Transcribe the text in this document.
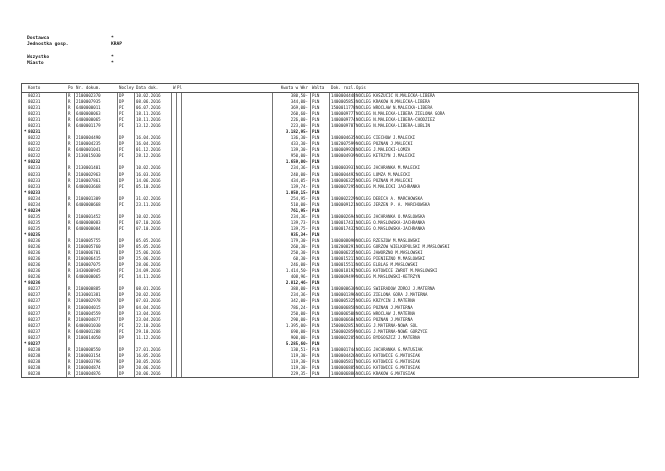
Dostawca	*
Jednostka gosp.	KRAP
Wszystko	*
Miasto	*
Konto	Po Nr. dokum.	Nocley Data dok.	W Pl	Kwota w Wkr Walta Dok. rozl. Opis
80231	R 2100002370	DP	10.02.2016	380,50- PLN	1400004448 NOCLEG KASZUCIC N.MALECKA-LIBERA
80231	R 2100007935	DP	08.06.2016	344,00- PLN	1400005853 NOCLEG KRAKOW N.MALECKA-LIBERA
80231	R 6400000011	PI	06.07.2016	369,00- PLN	1500011778 NOCLEG WROCLAW N.MALECKA-LIBERA
80231	R 6400000063	PI	18.11.2016	260,60- PLN	1400009777 NOCLEG N.MALECKA-LIBERA ZIELONA GORA
80231	R 6400000065	PI	18.11.2016	226,00- PLN	1400009774 NOCLEG N.MALECKA-LIBERA-CHODZIEZ
80231	R 6400001179	PI	13.12.2016	223,00- PLN	1400009787 NOCLEG N.MALECKA-LIBERA-LUBLIN
* 80231	3.182,95- PLN
80232	R 2100004490	DP	16.04.2016	136,30- PLN	1400004635 NOCLEG CIECHOW J.MALECKI
80232	R 2100004235	DP	16.04.2016	433,30- PLN	1402007599 NOCLEG POZNAN J.MALECKI
80232	R 6400001041	PI	01.12.2016	139,30- PLN	1400009928 NOCLEG J.MALECKI-LOMZA
80232	R 2130015030	PI	28.12.2016	950,00- PLN	1400004939 NOCLEG KETRZYN J.MALECKI
* 80232	1.659,00- PLN
80233	R 2130001401	DP	10.02.2016	234,36- PLN	1400003931 NOCLEG JACHRANKA M.MALECKI
80233	R 2100002963	DP	16.03.2016	240,00- PLN	1400004492 NOCLEG LOMZA M.MALECKI
80233	R 2100007861	DP	14.06.2016	434,05- PLN	1400006325 NOCLEG POZNAN M.MALECKI
80233	R 6400003668	PI	05.10.2016	139,74- PLN	1400007295 NOCLEG M.MALECKI JACHRANKA
* 80233	1.050,15- PLN
80234	R 2100001309	DP	31.02.2016	254,95- PLN	1400002229 NOCLEG DEBICA A. MARCHOWSKA
80234	R 6400000668	PI	23.11.2016	510,00- PLN	1400009121 NOCLEG JERZEN P. A. MARCHOWSKA
* 80234	761,95- PLN
80235	R 2100001452	DP	10.02.2016	234,36- PLN	1400002694 NOCLEG JACHRANKA O.MASLOWSKA
80235	R 6400000083	PI	07.10.2016	139,73- PLN	1400017431 NOCLEG O.MASLOWSKA-JACHRANKA
80235	R 6400000084	PI	07.10.2016	139,75- PLN	1400017432 NOCLEG O.MASLOWSKA-JACHRANKA
* 80235	935,34- PLN
80236	R 2100005755	DP	05.05.2016	179,30- PLN	1400008090 NOCLEG RZESZOW M.MASLOWSKI
80236	R 2100005760	DP	05.05.2016	260,30- PLN	1402008291 NOCLEG GORZOW WIELKOPOLSKI M.MASLOWSKI
80236	R 2100006701	DP	25.06.2016	250,30- PLN	1400006235 NOCLEG JAWORZNO M.MASLOWSKI
80236	R 2100006415	DP	25.06.2016	60,30- PLN	1400015211 NOCLEG PIENIEZNO M.MASLOWSKI
80236	R 2100007075	DP	28.06.2016	246,00- PLN	1400015513 NOCLEG ELBLAG M.MASLOWSKI
80236	R 3430000945	PI	24.09.2016	1.414,50- PLN	1400018192 NOCLEG KATOWICE ZWROT M.MASLOWSKI
80236	R 6400000065	PI	14.11.2016	408,96- PLN	1400009499 NOCLEG M.MASLOWSKI-KETRZYN
* 80236	2.812,46- PLN
80237	R 2100000885	DP	08.01.2016	388,00- PLN	1400000630 NOCLEG SWIERADOW ZDROJ J.MATERNA
80237	R 2130001381	DP	20.02.2016	234,36- PLN	1400001396 NOCLEG ZIELONA GORA J.MATERNA
80237	R 2100002978	DP	07.03.2016	342,00- PLN	1400005325 NOCLEG KRZYCIN J.MATERNA
80237	R 2100004015	DP	04.04.2016	786,24- PLN	1400006858 NOCLEG POZNAN J.MATERNA
80237	R 2100004559	DP	13.04.2016	250,00- PLN	1400006508 NOCLEG WROCLAW J.MATERNA
80237	R 2100004877	DP	23.04.2016	290,00- PLN	1400006684 NOCLEG POZNAN J.MATERNA
80237	R 6400001030	PI	22.10.2016	1.395,00- PLN	1500002851 NOCLEG J.MATERNA-NOWA SOL
80237	R 6400001288	PI	29.10.2016	690,00- PLN	1500002859 NOCLEG J.MATERNA-NOWE GORZYCE
80237	R 2100014050	DP	11.12.2016	900,00- PLN	1400002285 NOCLEG BYDGOSZCZ J.MATERNA
* 80237	5.285,60- PLN
80238	R 2100000550	DP	27.01.2016	130,51- PLN	1400001744 NOCLEG JACHRANKA G.MATUSIAK
80238	R 2100003154	DP	16.05.2016	119,30- PLN	1400004426 NOCLEG KATOWICE G.MATUSIAK
80238	R 2100003796	DP	30.05.2016	119,30- PLN	1400005817 NOCLEG KATOWICE G.MATUSIAK
80238	R 2100004874	DP	20.06.2016	119,30- PLN	1400006885 NOCLEG KATOWICE G.MATUSIAK
80238	R 2100004876	DP	20.06.2016	229,35- PLN	1400006886 NOCLEG KRAKOW G.MATUSIAK
